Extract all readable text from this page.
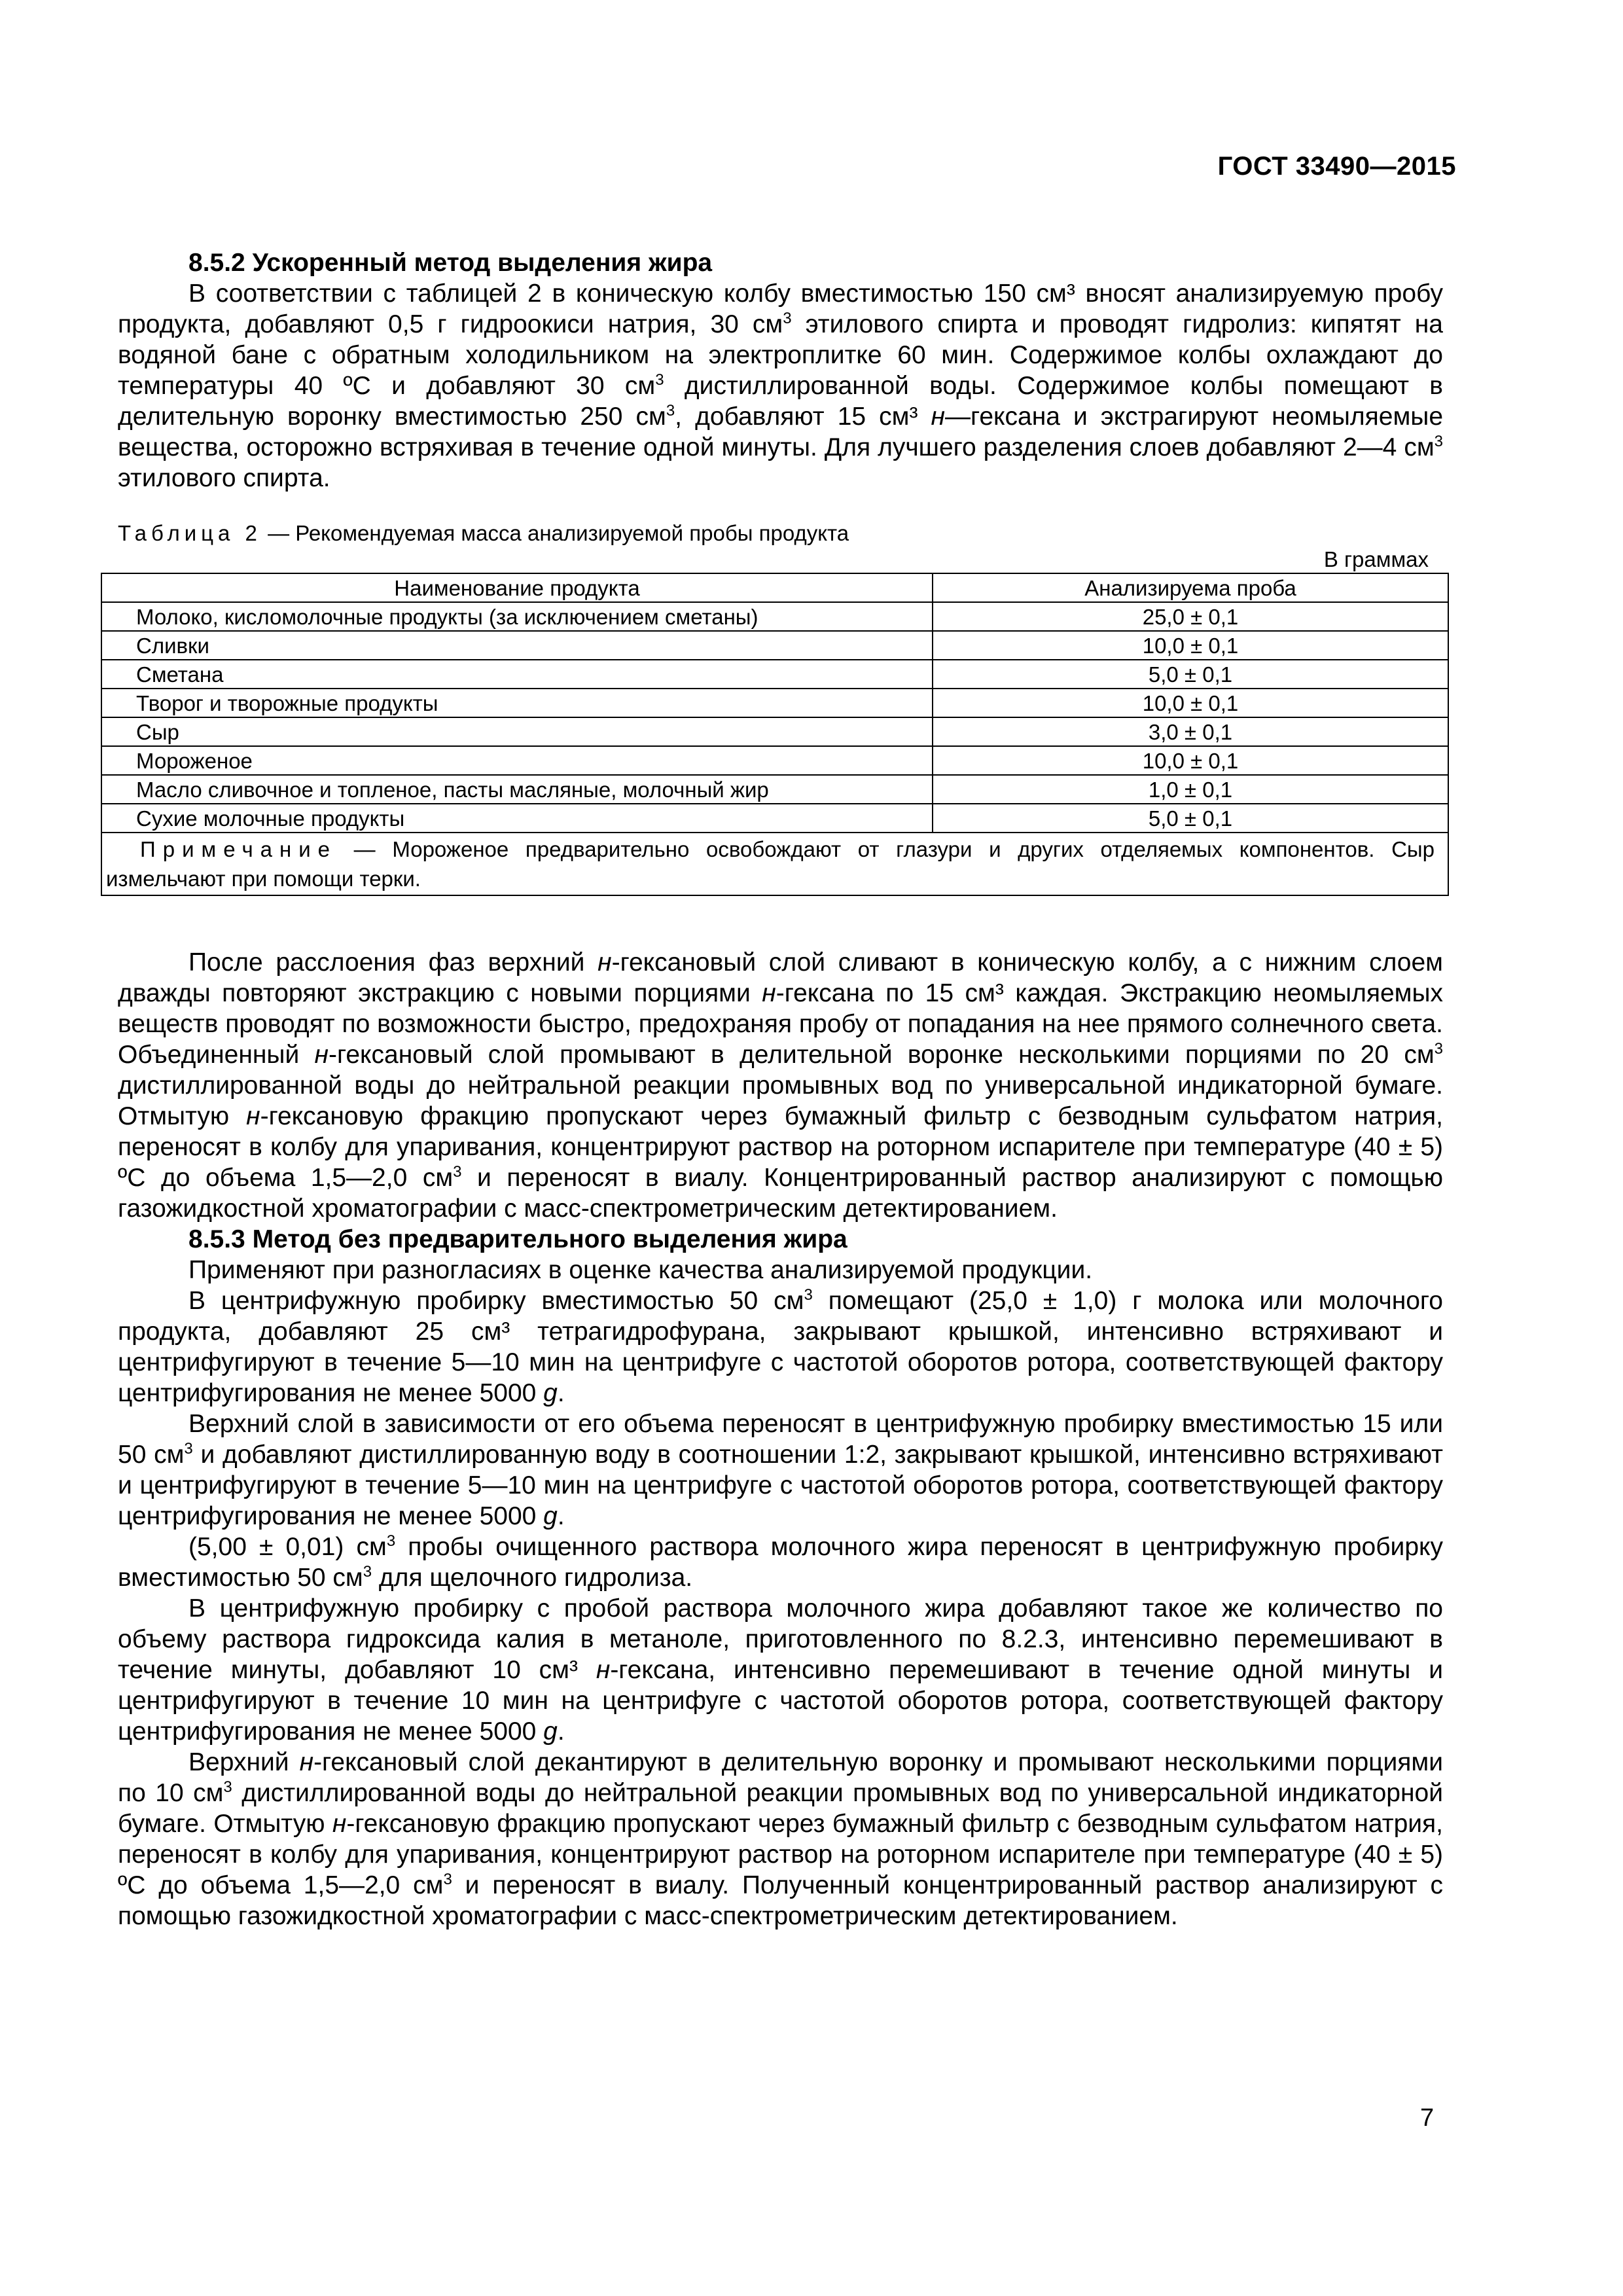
ГОСТ 33490—2015
8.5.2 Ускоренный метод выделения жира

В соответствии с таблицей 2 в коническую колбу вместимостью 150 см³ вносят анализируемую пробу продукта, добавляют 0,5 г гидроокиси натрия, 30 $см^3$ этилового спирта и проводят гидролиз: кипятят на водяной бане с обратным холодильником на электроплитке 60 мин. Содержимое колбы охлаждают до температуры 40 ºС и добавляют 30 $см^3$ дистиллированной воды. Содержимое колбы помещают в делительную воронку вместимостью 250 $см^3$, добавляют 15 см³ н—гексана и экстрагируют неомыляемые вещества, осторожно встряхивая в течение одной минуты. Для лучшего разделения слоев добавляют 2—4 $см^3$ этилового спирта.

Таблица 2 — Рекомендуемая масса анализируемой пробы продукта
В граммах
Наименование продукта	Анализируема проба
Молоко, кисломолочные продукты (за исключением сметаны)	25,0 ± 0,1
Сливки	10,0 ± 0,1
Сметана	5,0 ± 0,1
Творог и творожные продукты	10,0 ± 0,1
Сыр	3,0 ± 0,1
Мороженое	10,0 ± 0,1
Масло сливочное и топленое, пасты масляные, молочный жир	1,0 ± 0,1
Сухие молочные продукты	5,0 ± 0,1
Примечание — Мороженое предварительно освобождают от глазури и других отделяемых компонентов. Сыр измельчают при помощи терки.	

После расслоения фаз верхний н-гексановый слой сливают в коническую колбу, а с нижним слоем дважды повторяют экстракцию с новыми порциями н-гексана по 15 см³ каждая. Экстракцию неомыляемых веществ проводят по возможности быстро, предохраняя пробу от попадания на нее прямого солнечного света. Объединенный н-гексановый слой промывают в делительной воронке несколькими порциями по 20 $см^3$ дистиллированной воды до нейтральной реакции промывных вод по универсальной индикаторной бумаге. Отмытую н-гексановую фракцию пропускают через бумажный фильтр с безводным сульфатом натрия, переносят в колбу для упаривания, концентрируют раствор на роторном испарителе при температуре (40 ± 5) ºС до объема 1,5—2,0 $см^3$ и переносят в виалу. Концентрированный раствор анализируют с помощью газожидкостной хроматографии с масс-спектрометрическим детектированием.

8.5.3 Метод без предварительного выделения жира

Применяют при разногласиях в оценке качества анализируемой продукции.

В центрифужную пробирку вместимостью 50 $см^3$ помещают (25,0 ± 1,0) г молока или молочного продукта, добавляют 25 см³ тетрагидрофурана, закрывают крышкой, интенсивно встряхивают и центрифугируют в течение 5—10 мин на центрифуге с частотой оборотов ротора, соответствующей фактору центрифугирования не менее 5000 g.

Верхний слой в зависимости от его объема переносят в центрифужную пробирку вместимостью 15 или 50 $см^3$ и добавляют дистиллированную воду в соотношении 1:2, закрывают крышкой, интенсивно встряхивают и центрифугируют в течение 5—10 мин на центрифуге с частотой оборотов ротора, соответствующей фактору центрифугирования не менее 5000 g.

(5,00 ± 0,01) $см^3$ пробы очищенного раствора молочного жира переносят в центрифужную пробирку вместимостью 50 $см^3$ для щелочного гидролиза.

В центрифужную пробирку с пробой раствора молочного жира добавляют такое же количество по объему раствора гидроксида калия в метаноле, приготовленного по 8.2.3, интенсивно перемешивают в течение минуты, добавляют 10 см³ н-гексана, интенсивно перемешивают в течение одной минуты и центрифугируют в течение 10 мин на центрифуге с частотой оборотов ротора, соответствующей фактору центрифугирования не менее 5000 g.

Верхний н-гексановый слой декантируют в делительную воронку и промывают несколькими порциями по 10 $см^3$ дистиллированной воды до нейтральной реакции промывных вод по универсальной индикаторной бумаге. Отмытую н-гексановую фракцию пропускают через бумажный фильтр с безводным сульфатом натрия, переносят в колбу для упаривания, концентрируют раствор на роторном испарителе при температуре (40 ± 5) ºС до объема 1,5—2,0 $см^3$ и переносят в виалу. Полученный концентрированный раствор анализируют с помощью газожидкостной хроматографии с масс-спектрометрическим детектированием.

7
